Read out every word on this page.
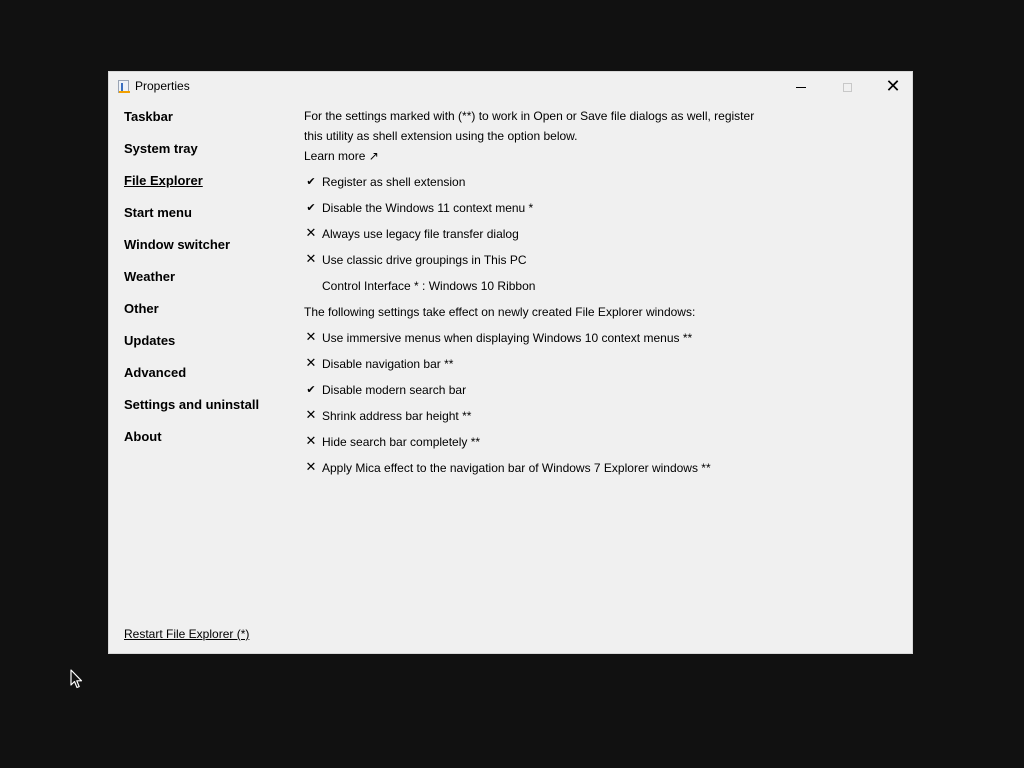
Properties	✕
Taskbar
System tray
File Explorer
Start menu
Window switcher
Weather
Other
Updates
Advanced
Settings and uninstall
About
Restart File Explorer (*)
For the settings marked with (**) to work in Open or Save file dialogs as well, register
this utility as shell extension using the option below.
Learn more ↗
✔ Register as shell extension
✔ Disable the Windows 11 context menu *
✕ Always use legacy file transfer dialog
✕ Use classic drive groupings in This PC
Control Interface * : Windows 10 Ribbon
The following settings take effect on newly created File Explorer windows:
✕ Use immersive menus when displaying Windows 10 context menus **
✕ Disable navigation bar **
✔ Disable modern search bar
✕ Shrink address bar height **
✕ Hide search bar completely **
✕ Apply Mica effect to the navigation bar of Windows 7 Explorer windows **
